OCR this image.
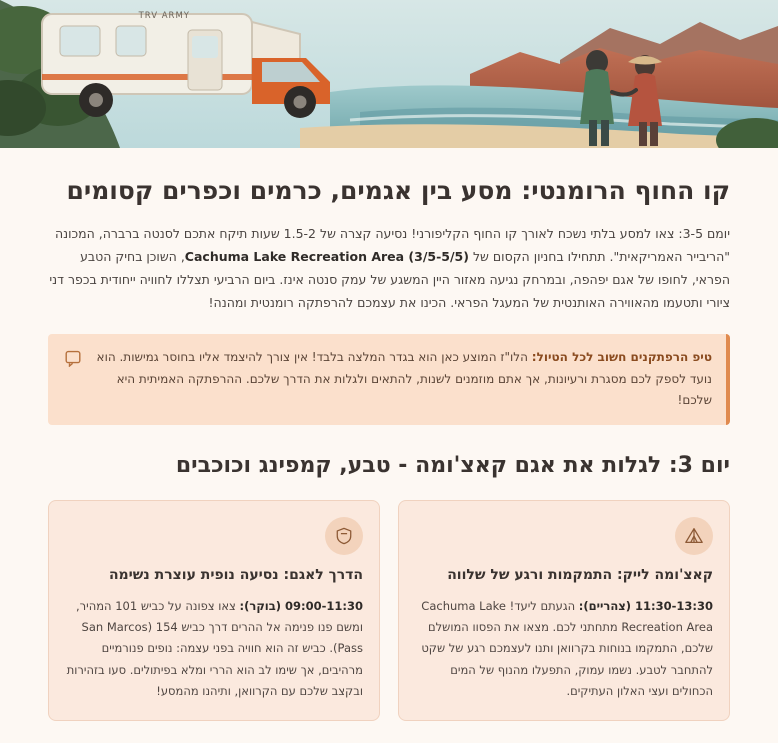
TRV ARMY
קו החוף הרומנטי: מסע בין אגמים, כרמים וכפרים קסומים

יומם 3-5: צאו למסע בלתי נשכח לאורך קו החוף הקליפורני! נסיעה קצרה של 1.5-2 שעות תיקח אתכם לסנטה ברברה, המכונה "הריבייר האמריקאית". תתחילו בחניון הקסום של Cachuma Lake Recreation Area (3/5-5/5), השוכן בחיק הטבע הפראי, לחופו של אגם יפהפה, ובמרחק נגיעה מאזור היין המשגע של עמק סנטה אינז. ביום הרביעי תצללו לחוויה ייחודית בכפר דני ציורי ותטעמו מהאווירה האותנטית של המעגל הפראי. הכינו את עצמכם להרפתקה רומנטית ומהנה!

טיפ הרפתקנים חשוב לכל הטיול: הלו"ז המוצע כאן הוא בגדר המלצה בלבד! אין צורך להיצמד אליו בחוסר גמישות. הוא נועד לספק לכם מסגרת ורעיונות, אך אתם מוזמנים לשנות, להתאים ולגלות את הדרך שלכם. ההרפתקה האמיתית היא שלכם!
יום 3: לגלות את אגם קאצ'ומה - טבע, קמפינג וכוכבים
קאצ'ומה לייק: התמקמות ורגע של שלווה
11:30-13:30 (צהריים): הגעתם ליעד! Cachuma Lake Recreation Area מתחתני לכם. מצאו את הפסוו המושלם שלכם, התמקמו בנוחות בקרוואן ותנו לעצמכם רגע של שקט להתחבר לטבע. נשמו עמוק, התפעלו מהנוף של המים הכחולים ועצי האלון העתיקים.
הדרך לאגם: נסיעה נופית עוצרת נשימה
09:00-11:30 (בוקר): צאו צפונה על כביש 101 המהיר, ומשם פנו פנימה אל ההרים דרך כביש 154 (San Marcos Pass). כביש זה הוא חוויה בפני עצמה: נופים פנורמיים מרהיבים, אך שימו לב הוא הררי ומלא בפיתולים. סעו בזהירות ובקצב שלכם עם הקרוואן, ותיהנו מהמסע!
